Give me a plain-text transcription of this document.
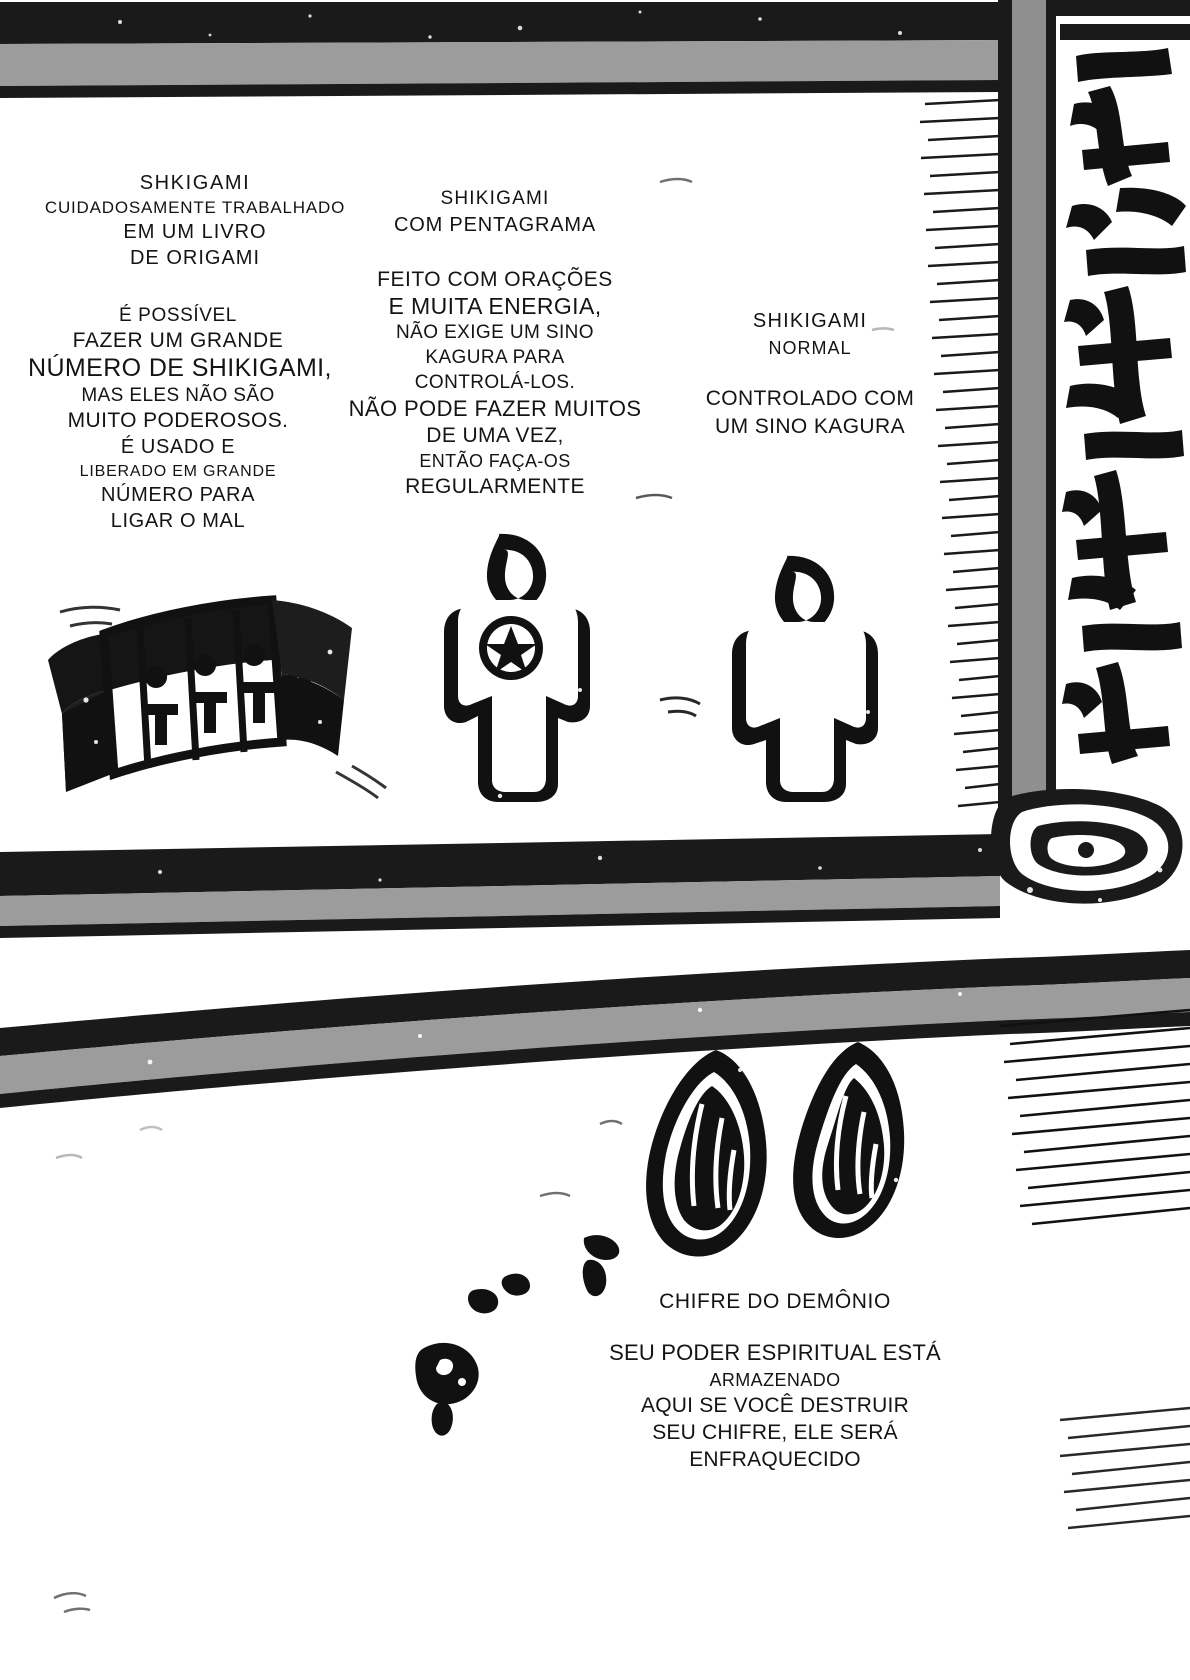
SHKIGAMI
CUIDADOSAMENTE TRABALHADO
EM UM LIVRO
DE ORIGAMI
É POSSÍVEL
FAZER UM GRANDE
NÚMERO DE SHIKIGAMI,
MAS ELES NÃO SÃO
MUITO PODEROSOS.
É USADO E
LIBERADO EM GRANDE
NÚMERO PARA
LIGAR O MAL
SHIKIGAMI
COM PENTAGRAMA
FEITO COM ORAÇÕES
E MUITA ENERGIA,
NÃO EXIGE UM SINO
KAGURA PARA
CONTROLÁ-LOS.
NÃO PODE FAZER MUITOS
DE UMA VEZ,
ENTÃO FAÇA-OS
REGULARMENTE
SHIKIGAMI
NORMAL
CONTROLADO COM
UM SINO KAGURA
CHIFRE DO DEMÔNIO
SEU PODER ESPIRITUAL ESTÁ
ARMAZENADO
AQUI SE VOCÊ DESTRUIR
SEU CHIFRE, ELE SERÁ
ENFRAQUECIDO
